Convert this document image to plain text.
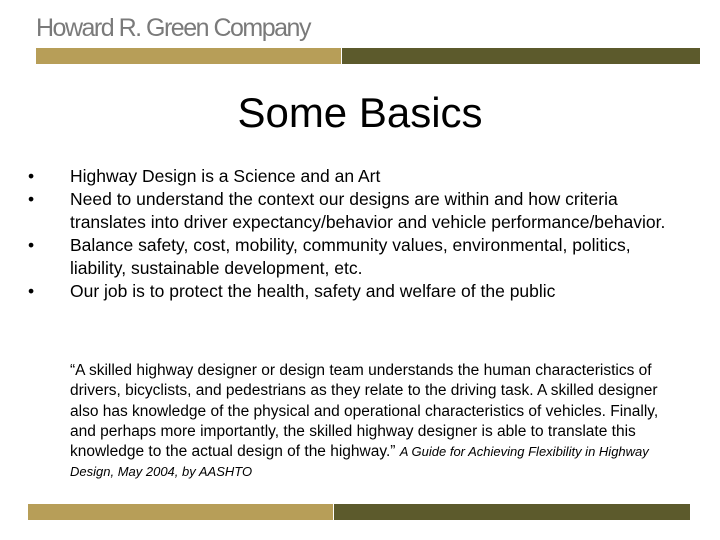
Howard R. Green Company
Some Basics
• Highway Design is a Science and an Art
• Need to understand the context our designs are within and how criteria translates into driver expectancy/behavior and vehicle performance/behavior.
• Balance safety, cost, mobility, community values, environmental, politics, liability, sustainable development, etc.
• Our job is to protect the health, safety and welfare of the public
“A skilled highway designer or design team understands the human characteristics of drivers, bicyclists, and pedestrians as they relate to the driving task. A skilled designer also has knowledge of the physical and operational characteristics of vehicles. Finally, and perhaps more importantly, the skilled highway designer is able to translate this knowledge to the actual design of the highway.” A Guide for Achieving Flexibility in Highway Design, May 2004, by AASHTO
